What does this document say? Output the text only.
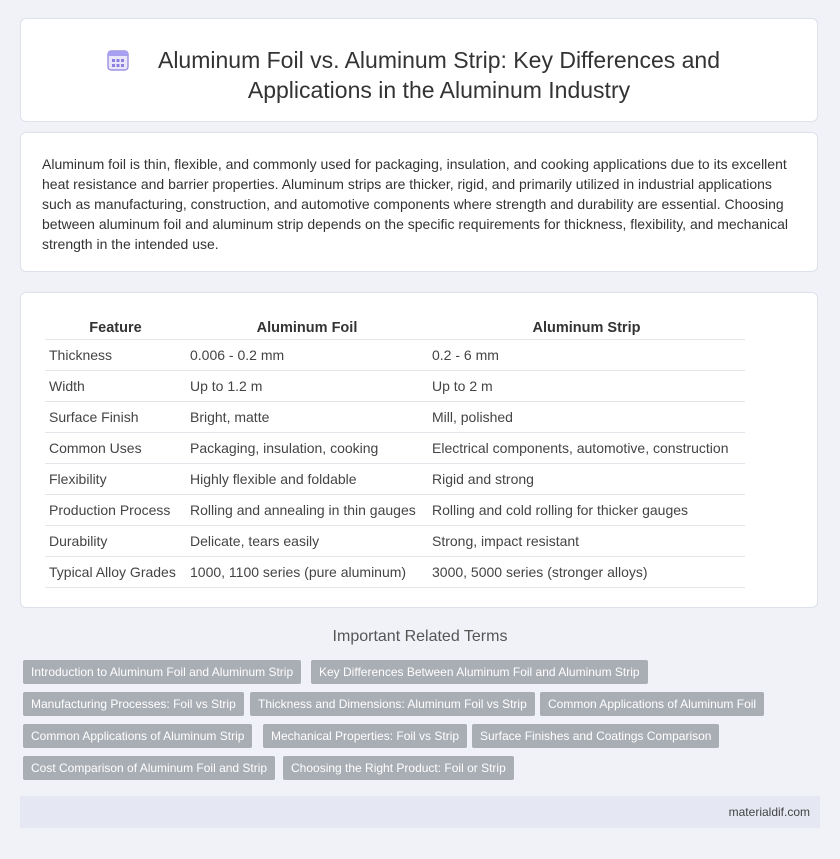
Aluminum Foil vs. Aluminum Strip: Key Differences and Applications in the Aluminum Industry
Aluminum foil is thin, flexible, and commonly used for packaging, insulation, and cooking applications due to its excellent heat resistance and barrier properties. Aluminum strips are thicker, rigid, and primarily utilized in industrial applications such as manufacturing, construction, and automotive components where strength and durability are essential. Choosing between aluminum foil and aluminum strip depends on the specific requirements for thickness, flexibility, and mechanical strength in the intended use.
Feature	Aluminum Foil	Aluminum Strip
Thickness	0.006 - 0.2 mm	0.2 - 6 mm
Width	Up to 1.2 m	Up to 2 m
Surface Finish	Bright, matte	Mill, polished
Common Uses	Packaging, insulation, cooking	Electrical components, automotive, construction
Flexibility	Highly flexible and foldable	Rigid and strong
Production Process	Rolling and annealing in thin gauges	Rolling and cold rolling for thicker gauges
Durability	Delicate, tears easily	Strong, impact resistant
Typical Alloy Grades	1000, 1100 series (pure aluminum)	3000, 5000 series (stronger alloys)
Important Related Terms
Introduction to Aluminum Foil and Aluminum Strip	Key Differences Between Aluminum Foil and Aluminum Strip
Manufacturing Processes: Foil vs Strip	Thickness and Dimensions: Aluminum Foil vs Strip	Common Applications of Aluminum Foil
Common Applications of Aluminum Strip	Mechanical Properties: Foil vs Strip	Surface Finishes and Coatings Comparison
Cost Comparison of Aluminum Foil and Strip	Choosing the Right Product: Foil or Strip
materialdif.com
